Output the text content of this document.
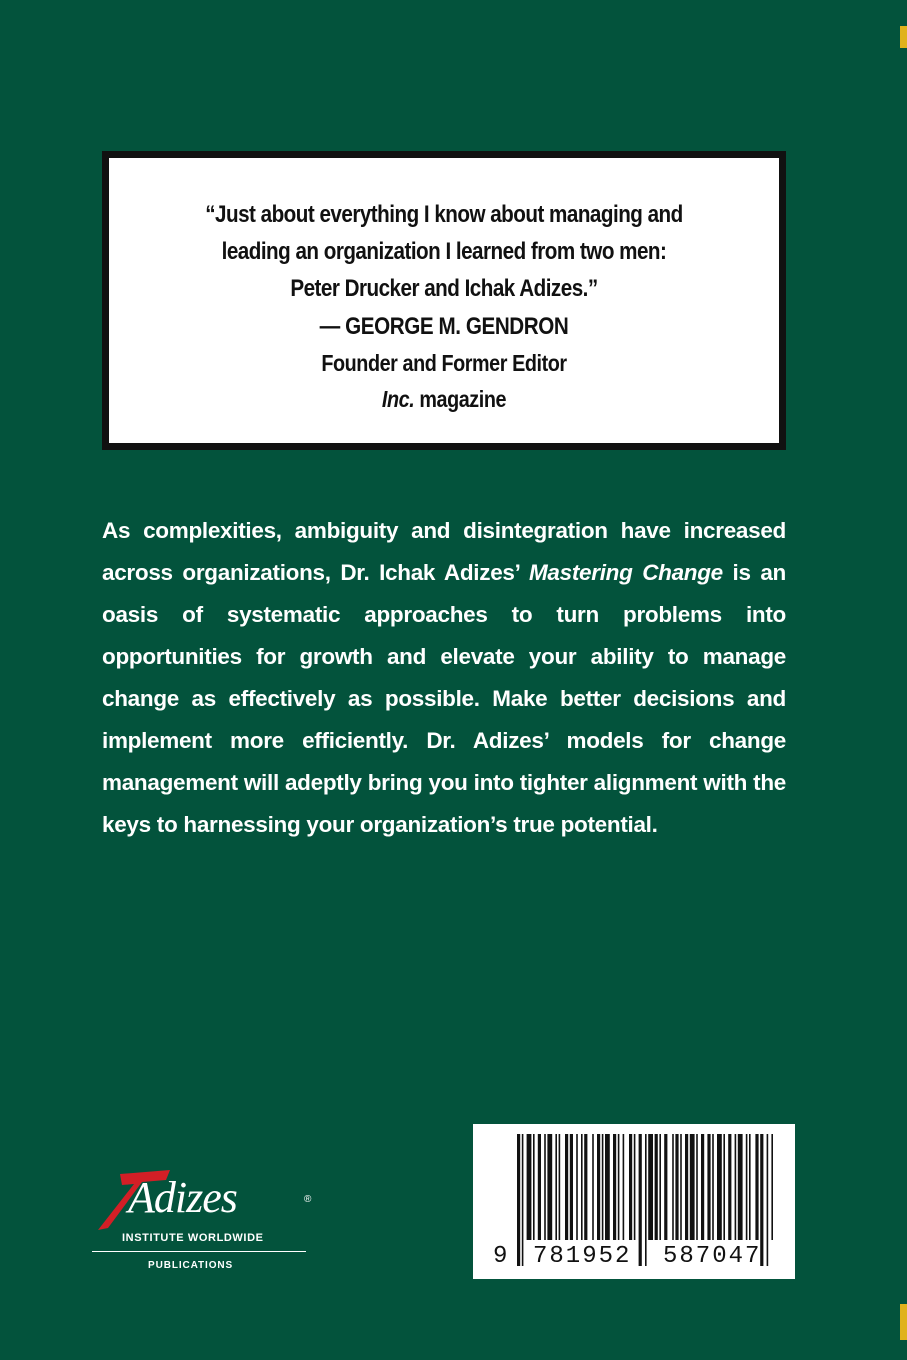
“Just about everything I know about managing and
leading an organization I learned from two men:
Peter Drucker and Ichak Adizes.”
— GEORGE M. GENDRON
Founder and Former Editor
Inc. magazine
As complexities, ambiguity and disintegration have increased across organizations, Dr. Ichak Adizes’ Mastering Change is an oasis of systematic approaches to turn problems into opportunities for growth and elevate your ability to manage change as effectively as possible. Make better decisions and implement more efficiently. Dr. Adizes’ models for change management will adeptly bring you into tighter alignment with the keys to harnessing your organization’s true potential.
Adizes	®
INSTITUTE WORLDWIDE
PUBLICATIONS	9 781952 587047
